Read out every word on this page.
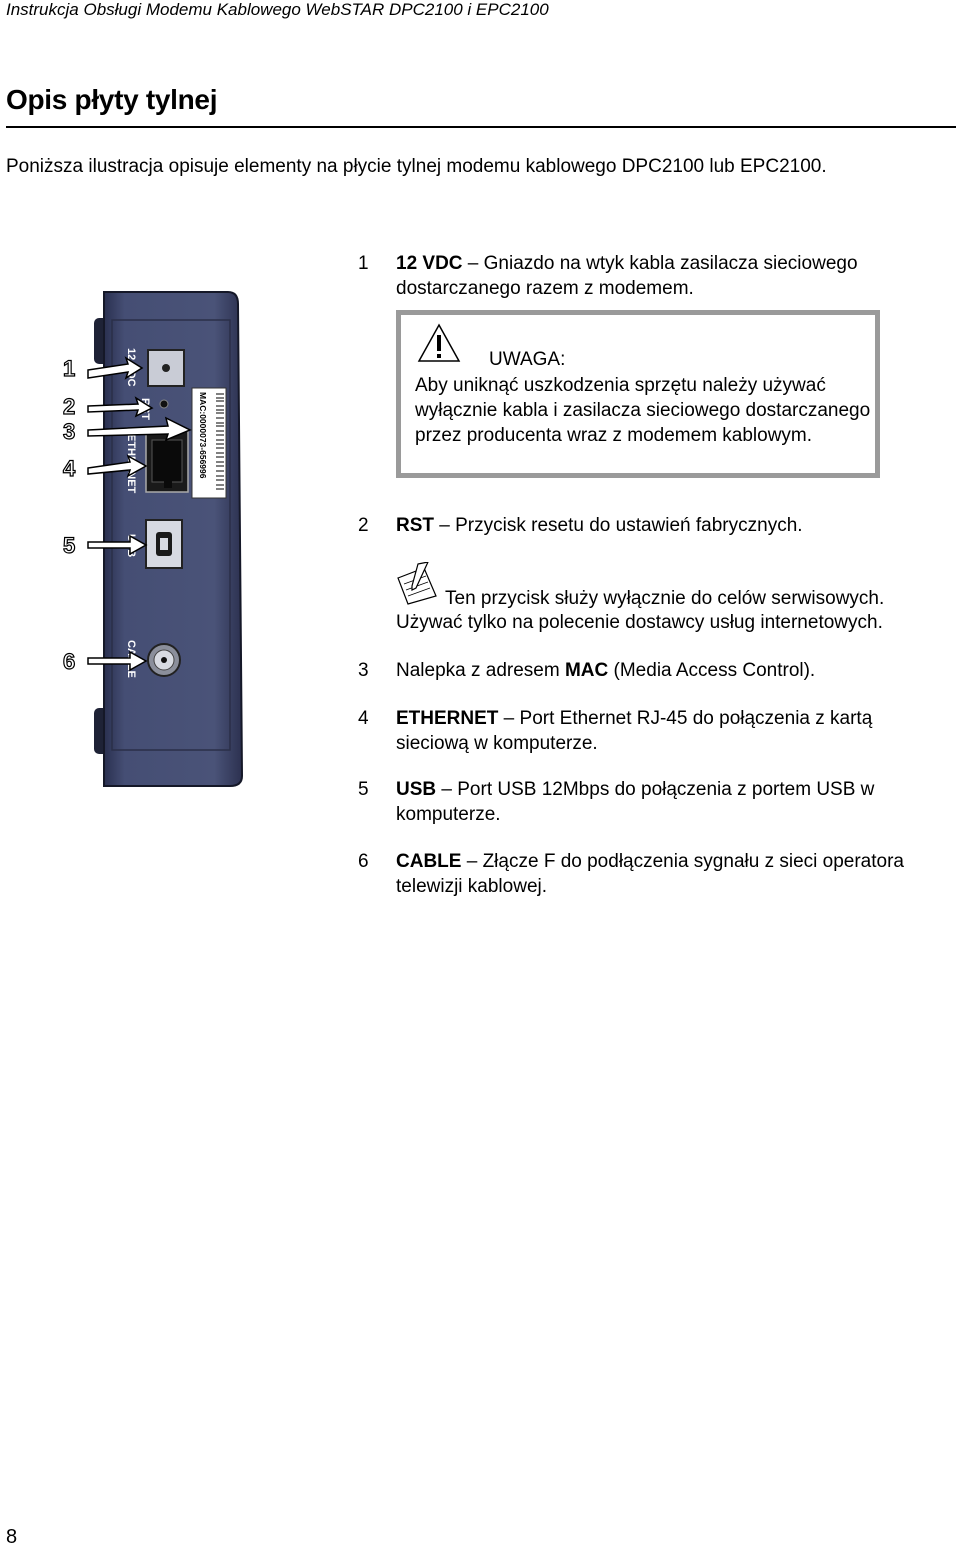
Instrukcja Obsługi Modemu Kablowego WebSTAR DPC2100 i EPC2100
Opis płyty tylnej
Poniższa ilustracja opisuje elementy na płycie tylnej modemu kablowego DPC2100 lub EPC2100.
MAC:0000073-656996
1
2
3
4
5
6
1 12 VDC – Gniazdo na wtyk kabla zasilacza sieciowego dostarczanego razem z modemem.
UWAGA:
Aby uniknąć uszkodzenia sprzętu należy używać wyłącznie kabla i zasilacza sieciowego dostarczanego przez producenta wraz z modemem kablowym.
2 RST – Przycisk resetu do ustawień fabrycznych.
Ten przycisk służy wyłącznie do celów serwisowych.
Używać tylko na polecenie dostawcy usług internetowych.
3 Nalepka z adresem MAC (Media Access Control).
4 ETHERNET – Port Ethernet RJ-45 do połączenia z kartą sieciową w komputerze.
5 USB – Port USB 12Mbps do połączenia z portem USB w komputerze.
6 CABLE – Złącze F do podłączenia sygnału z sieci operatora telewizji kablowej.
8
